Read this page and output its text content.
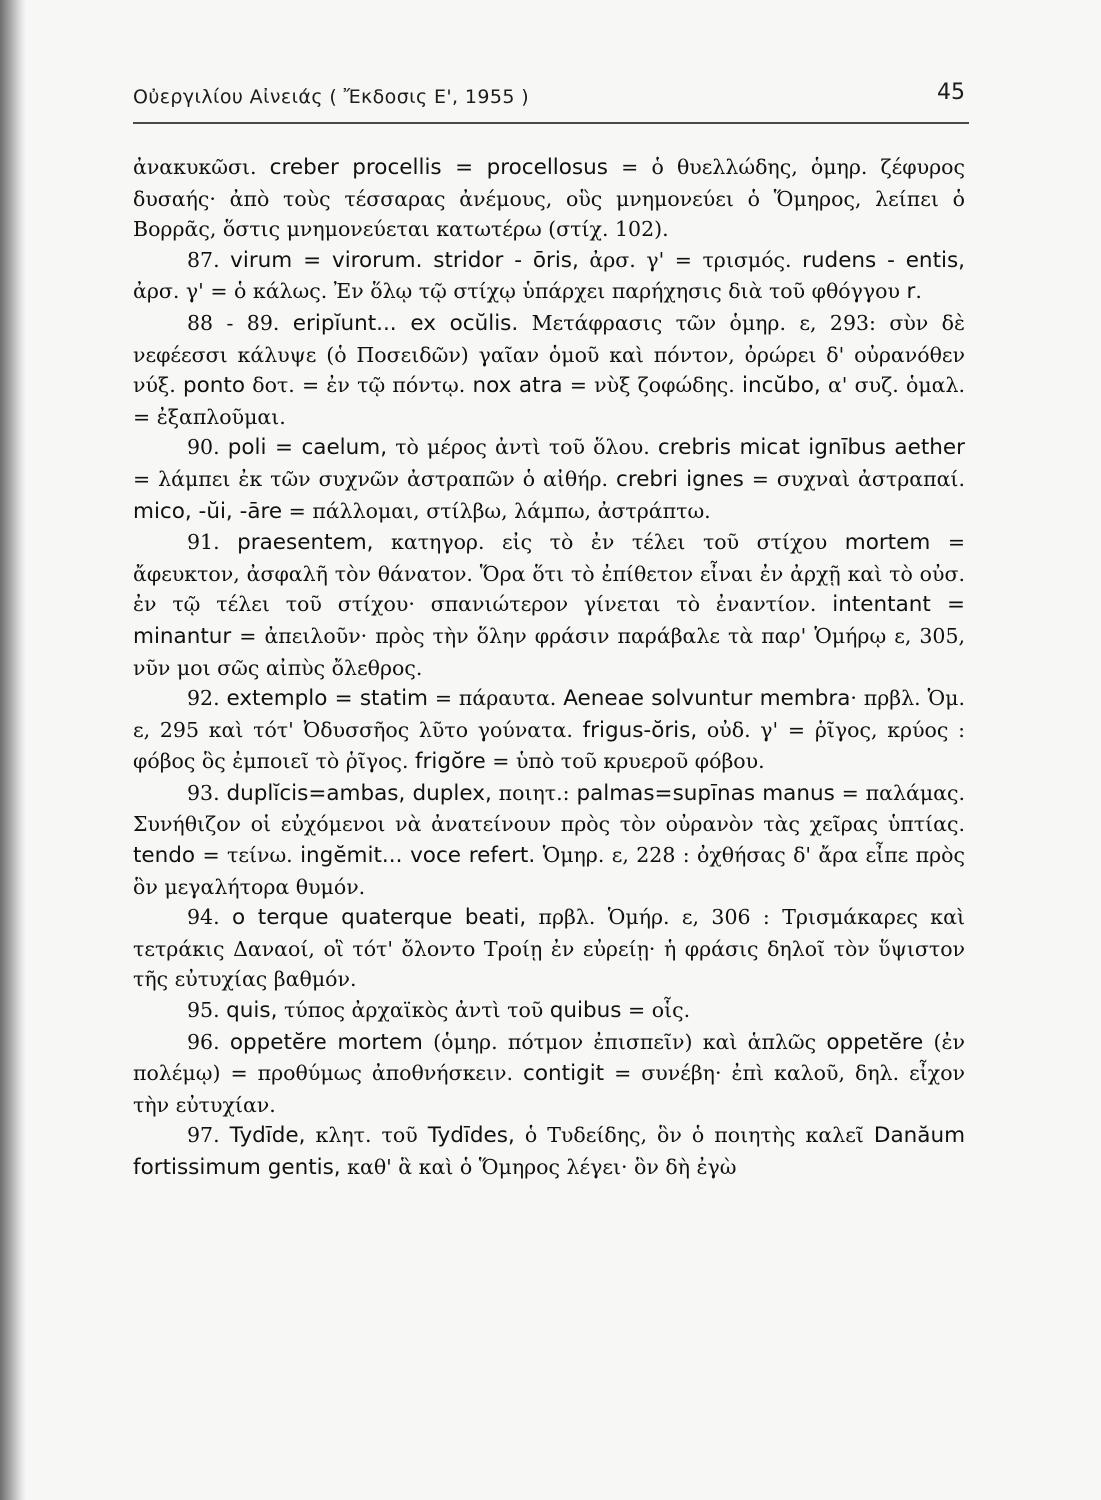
Οὐεργιλίου Αἰνειάς ( Ἔκδοσις Ε', 1955 )	45

ἀνακυκῶσι. creber procellis = procellosus = ὁ θυελλώδης, ὁμηρ. ζέφυρος δυσαής· ἀπὸ τοὺς τέσσαρας ἀνέμους, οὓς μνημονεύει ὁ Ὅμηρος, λείπει ὁ Βορρᾶς, ὅστις μνημονεύεται κατωτέρω (στίχ. 102).

87. virum = virorum. stridor - ōris, ἀρσ. γ' = τρισμός. rudens - entis, ἀρσ. γ' = ὁ κάλως. Ἐν ὅλῳ τῷ στίχῳ ὑπάρχει παρήχησις διὰ τοῦ φθόγγου r.

88 - 89. eripĭunt... ex ocŭlis. Μετάφρασις τῶν ὁμηρ. ε, 293: σὺν δὲ νεφέεσσι κάλυψε (ὁ Ποσειδῶν) γαῖαν ὁμοῦ καὶ πόντον, ὀρώρει δ' οὐρανόθεν νύξ. ponto δοτ. = ἐν τῷ πόντῳ. nox atra = νὺξ ζοφώδης. incŭbo, α' συζ. ὁμαλ. = ἐξαπλοῦμαι.

90. poli = caelum, τὸ μέρος ἀντὶ τοῦ ὅλου. crebris micat ignībus aether = λάμπει ἐκ τῶν συχνῶν ἀστραπῶν ὁ αἰθήρ. crebri ignes = συχναὶ ἀστραπαί. mico, -ŭi, -āre = πάλλομαι, στίλβω, λάμπω, ἀστράπτω.

91. praesentem, κατηγορ. εἰς τὸ ἐν τέλει τοῦ στίχου mortem = ἄφευκτον, ἀσφαλῆ τὸν θάνατον. Ὅρα ὅτι τὸ ἐπίθετον εἶναι ἐν ἀρχῇ καὶ τὸ οὐσ. ἐν τῷ τέλει τοῦ στίχου· σπανιώτερον γίνεται τὸ ἐναντίον. intentant = minantur = ἀπειλοῦν· πρὸς τὴν ὅλην φράσιν παράβαλε τὰ παρ' Ὁμήρῳ ε, 305, νῦν μοι σῶς αἰπὺς ὄλεθρος.

92. extemplo = statim = πάραυτα. Aeneae solvuntur membra· πρβλ. Ὁμ. ε, 295 καὶ τότ' Ὀδυσσῆος λῦτο γούνατα. frigus-ŏris, οὐδ. γ' = ῥῖγος, κρύος : φόβος ὃς ἐμποιεῖ τὸ ῥῖγος. frigŏre = ὑπὸ τοῦ κρυεροῦ φόβου.

93. duplĭcis=ambas, duplex, ποιητ.: palmas=supīnas manus = παλάμας. Συνήθιζον οἱ εὐχόμενοι νὰ ἀνατείνουν πρὸς τὸν οὐρανὸν τὰς χεῖρας ὑπτίας. tendo = τείνω. ingĕmit... voce refert. Ὁμηρ. ε, 228 : ὀχθήσας δ' ἄρα εἶπε πρὸς ὃν μεγαλήτορα θυμόν.

94. o terque quaterque beati, πρβλ. Ὁμήρ. ε, 306 : Τρισμάκαρες καὶ τετράκις Δαναοί, οἳ τότ' ὄλοντο Τροίῃ ἐν εὐρείῃ· ἡ φράσις δηλοῖ τὸν ὕψιστον τῆς εὐτυχίας βαθμόν.

95. quis, τύπος ἀρχαϊκὸς ἀντὶ τοῦ quibus = οἷς.

96. oppetĕre mortem (ὁμηρ. πότμον ἐπισπεῖν) καὶ ἁπλῶς oppetĕre (ἐν πολέμῳ) = προθύμως ἀποθνήσκειν. contigit = συνέβη· ἐπὶ καλοῦ, δηλ. εἶχον τὴν εὐτυχίαν.

97. Tydīde, κλητ. τοῦ Tydīdes, ὁ Τυδείδης, ὃν ὁ ποιητὴς καλεῖ Danăum fortissimum gentis, καθ' ἃ καὶ ὁ Ὅμηρος λέγει· ὃν δὴ ἐγὼ
